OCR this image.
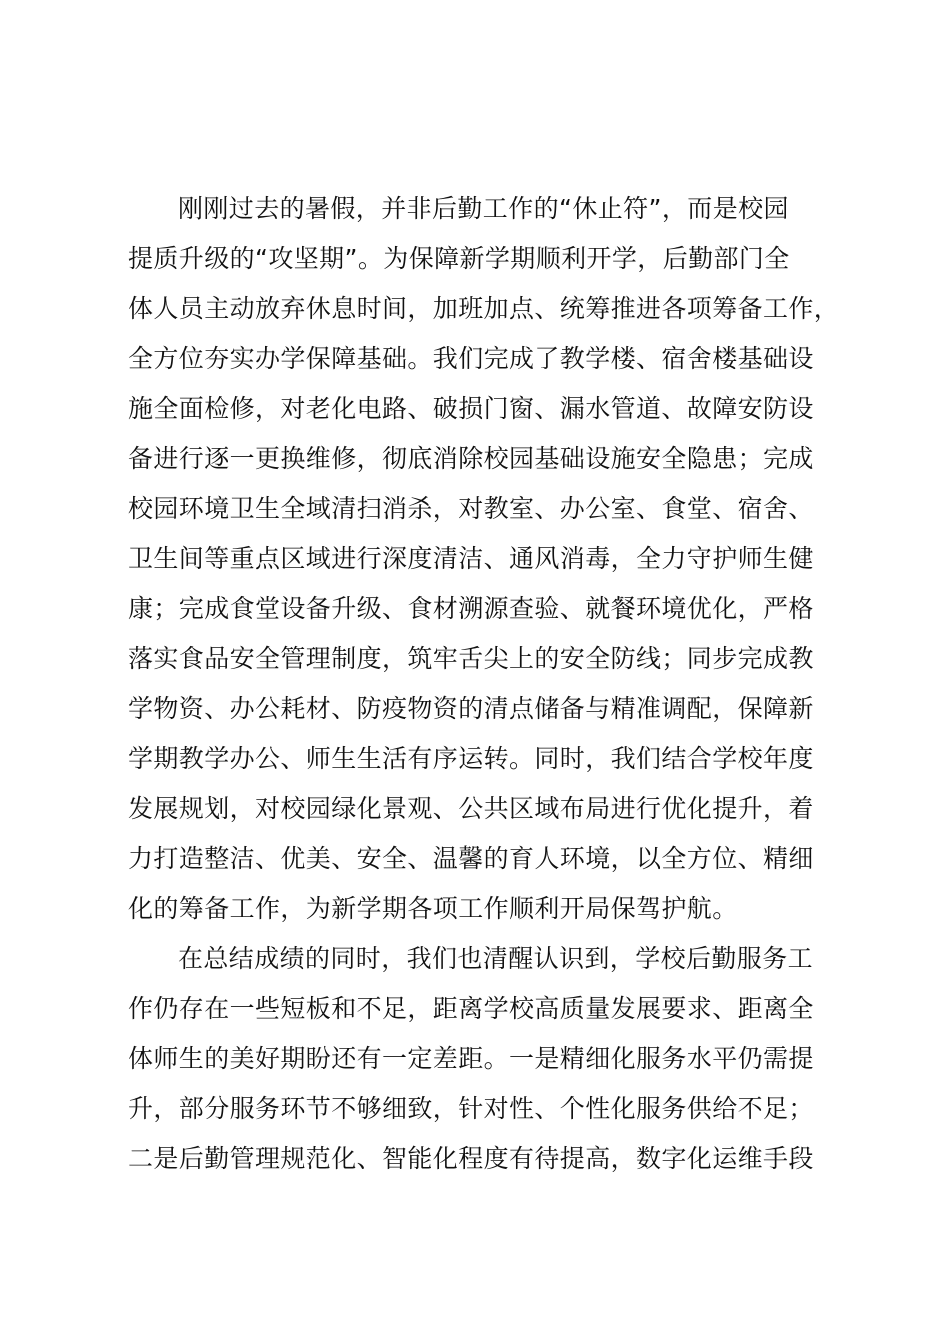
刚刚过去的暑假，并非后勤工作的“休止符”，而是校园
提质升级的“攻坚期”。为保障新学期顺利开学，后勤部门全
体人员主动放弃休息时间，加班加点、统筹推进各项筹备工作，
全方位夯实办学保障基础。我们完成了教学楼、宿舍楼基础设
施全面检修，对老化电路、破损门窗、漏水管道、故障安防设
备进行逐一更换维修，彻底消除校园基础设施安全隐患；完成
校园环境卫生全域清扫消杀，对教室、办公室、食堂、宿舍、
卫生间等重点区域进行深度清洁、通风消毒，全力守护师生健
康；完成食堂设备升级、食材溯源查验、就餐环境优化，严格
落实食品安全管理制度，筑牢舌尖上的安全防线；同步完成教
学物资、办公耗材、防疫物资的清点储备与精准调配，保障新
学期教学办公、师生生活有序运转。同时，我们结合学校年度
发展规划，对校园绿化景观、公共区域布局进行优化提升，着
力打造整洁、优美、安全、温馨的育人环境，以全方位、精细
化的筹备工作，为新学期各项工作顺利开局保驾护航。
在总结成绩的同时，我们也清醒认识到，学校后勤服务工
作仍存在一些短板和不足，距离学校高质量发展要求、距离全
体师生的美好期盼还有一定差距。一是精细化服务水平仍需提
升，部分服务环节不够细致，针对性、个性化服务供给不足；
二是后勤管理规范化、智能化程度有待提高，数字化运维手段
